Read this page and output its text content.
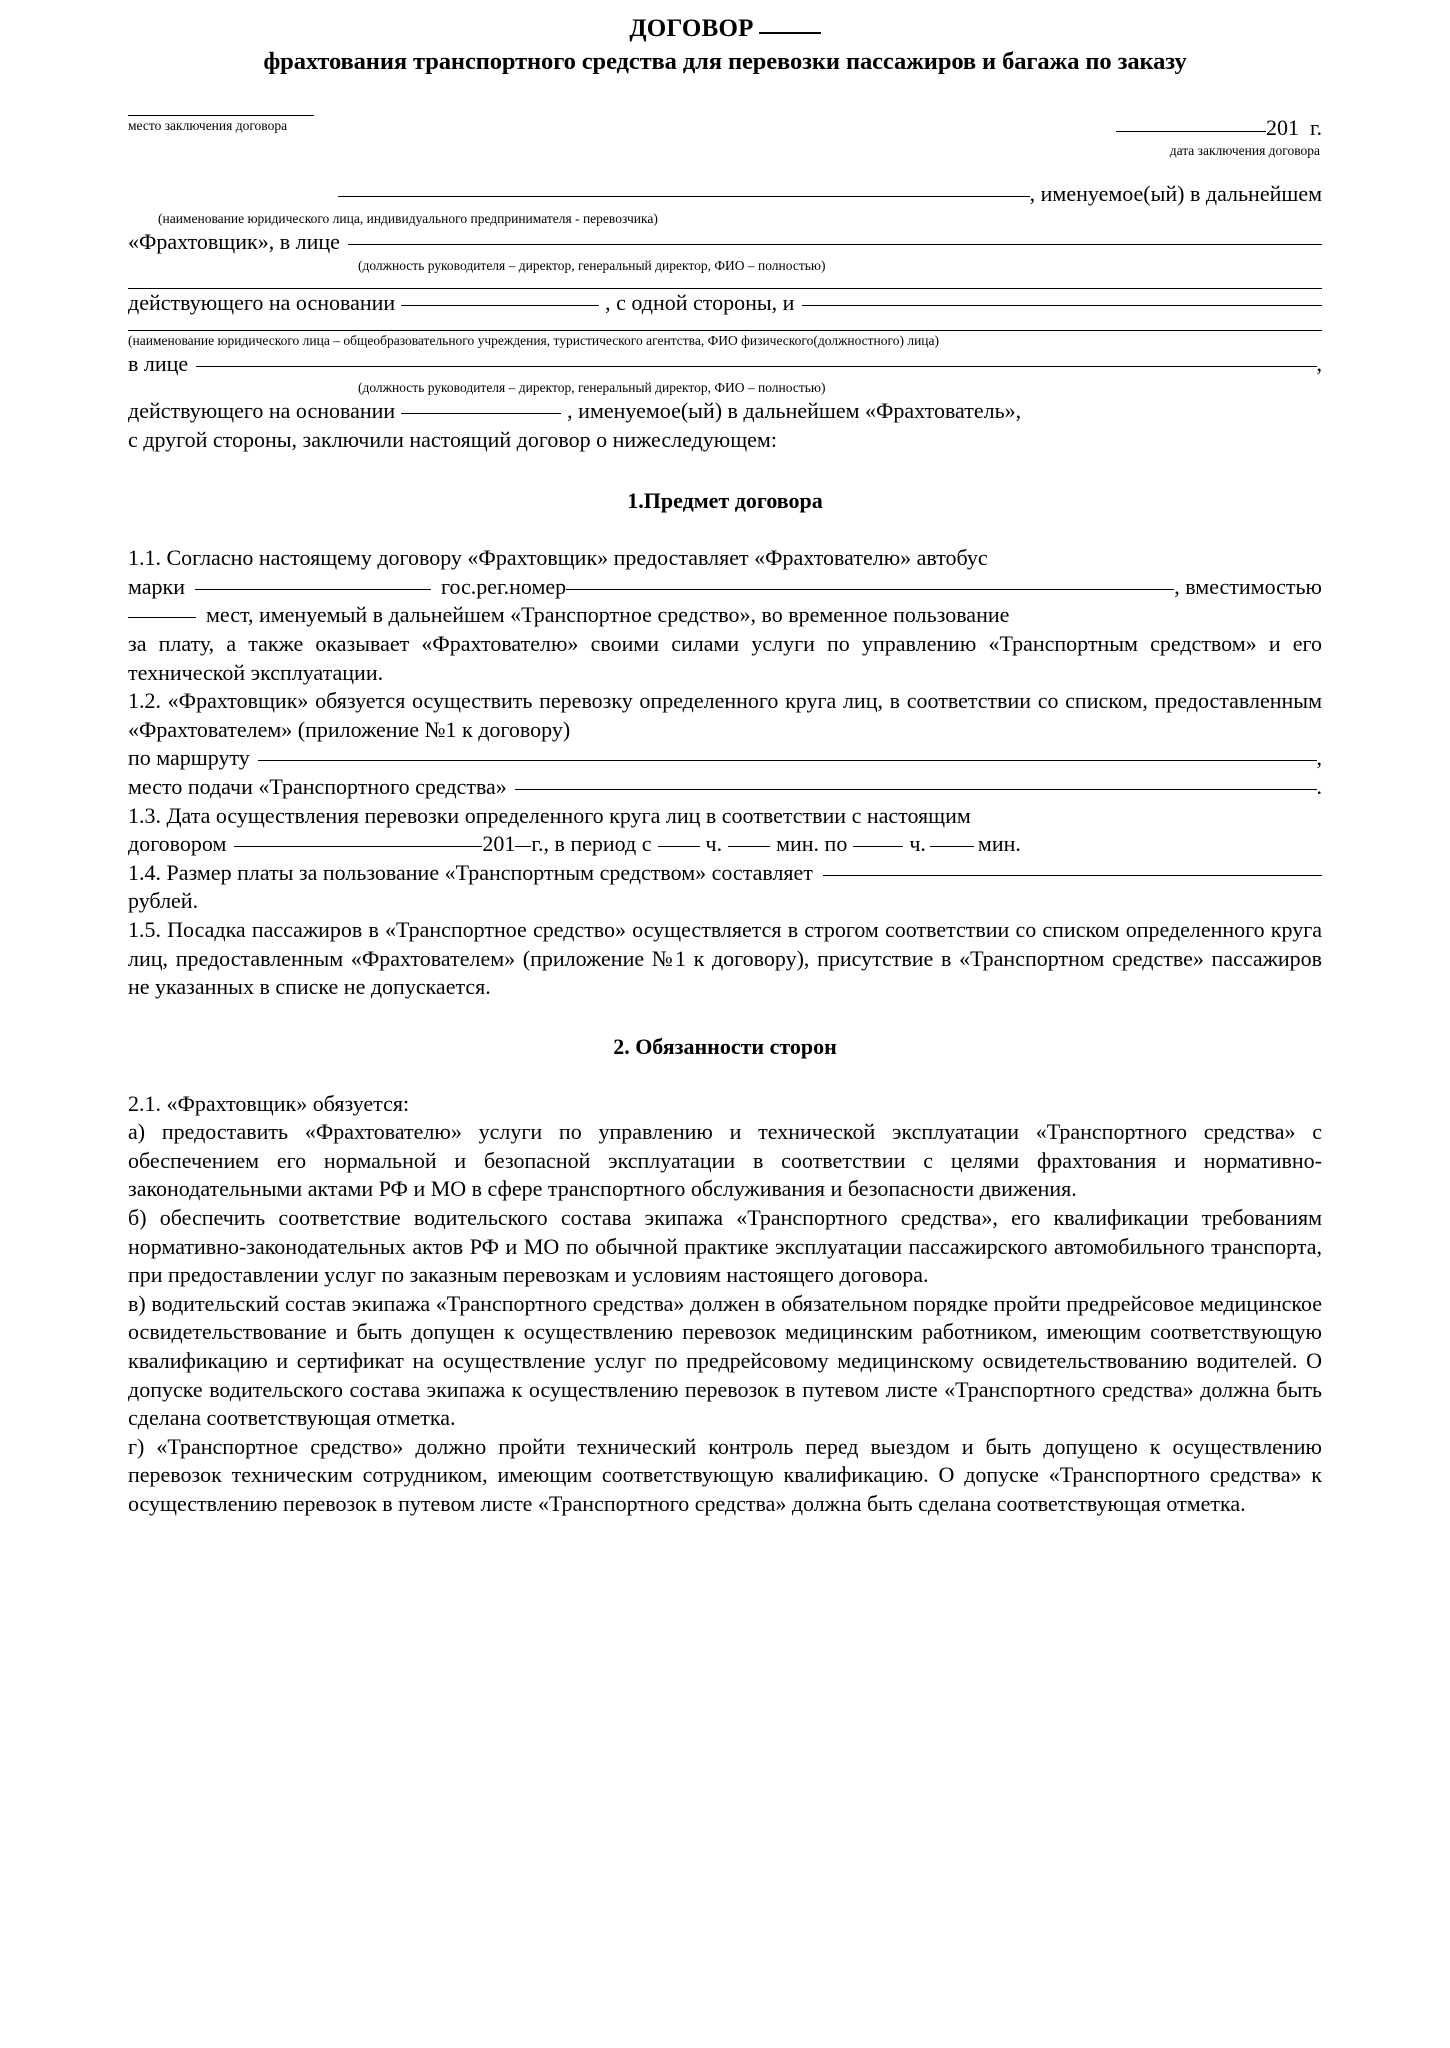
ДОГОВОР
фрахтования транспортного средства для перевозки пассажиров и багажа по заказу
место заключения договора	201 г.
дата заключения договора
, именуемое(ый) в дальнейшем
(наименование юридического лица, индивидуального предпринимателя - перевозчика)
«Фрахтовщик», в лице
(должность руководителя – директор, генеральный директор, ФИО – полностью)
действующего на основании	, с одной стороны, и
(наименование юридического лица – общеобразовательного учреждения, туристического агентства, ФИО физического(должностного) лица)
в лице	,
(должность руководителя – директор, генеральный директор, ФИО – полностью)
действующего на основании	, именуемое(ый) в дальнейшем «Фрахтователь»,

с другой стороны, заключили настоящий договор о нижеследующем:

1.Предмет договора

1.1. Согласно настоящему договору «Фрахтовщик» предоставляет «Фрахтователю» автобус

марки	гос.рег.номер	, вместимостью
мест, именуемый в дальнейшем «Транспортное средство», во временное пользование

за плату, а также оказывает «Фрахтователю» своими силами услуги по управлению «Транспортным средством» и его технической эксплуатации.

1.2. «Фрахтовщик» обязуется осуществить перевозку определенного круга лиц, в соответствии со списком, предоставленным «Фрахтователем» (приложение №1 к договору)

по маршруту	,
место подачи «Транспортного средства»	.

1.3. Дата осуществления перевозки определенного круга лиц в соответствии с настоящим

договором	201 г., в период с ч. мин. по	ч. мин.
1.4. Размер платы за пользование «Транспортным средством» составляет

рублей.

1.5. Посадка пассажиров в «Транспортное средство» осуществляется в строгом соответствии со списком определенного круга лиц, предоставленным «Фрахтователем» (приложение №1 к договору), присутствие в «Транспортном средстве» пассажиров не указанных в списке не допускается.

2. Обязанности сторон

2.1. «Фрахтовщик» обязуется:

а) предоставить «Фрахтователю» услуги по управлению и технической эксплуатации «Транспортного средства» с обеспечением его нормальной и безопасной эксплуатации в соответствии с целями фрахтования и нормативно-законодательными актами РФ и МО в сфере транспортного обслуживания и безопасности движения.

б) обеспечить соответствие водительского состава экипажа «Транспортного средства», его квалификации требованиям нормативно-законодательных актов РФ и МО по обычной практике эксплуатации пассажирского автомобильного транспорта, при предоставлении услуг по заказным перевозкам и условиям настоящего договора.

в) водительский состав экипажа «Транспортного средства» должен в обязательном порядке пройти предрейсовое медицинское освидетельствование и быть допущен к осуществлению перевозок медицинским работником, имеющим соответствующую квалификацию и сертификат на осуществление услуг по предрейсовому медицинскому освидетельствованию водителей. О допуске водительского состава экипажа к осуществлению перевозок в путевом листе «Транспортного средства» должна быть сделана соответствующая отметка.

г) «Транспортное средство» должно пройти технический контроль перед выездом и быть допущено к осуществлению перевозок техническим сотрудником, имеющим соответствующую квалификацию. О допуске «Транспортного средства» к осуществлению перевозок в путевом листе «Транспортного средства» должна быть сделана соответствующая отметка.
